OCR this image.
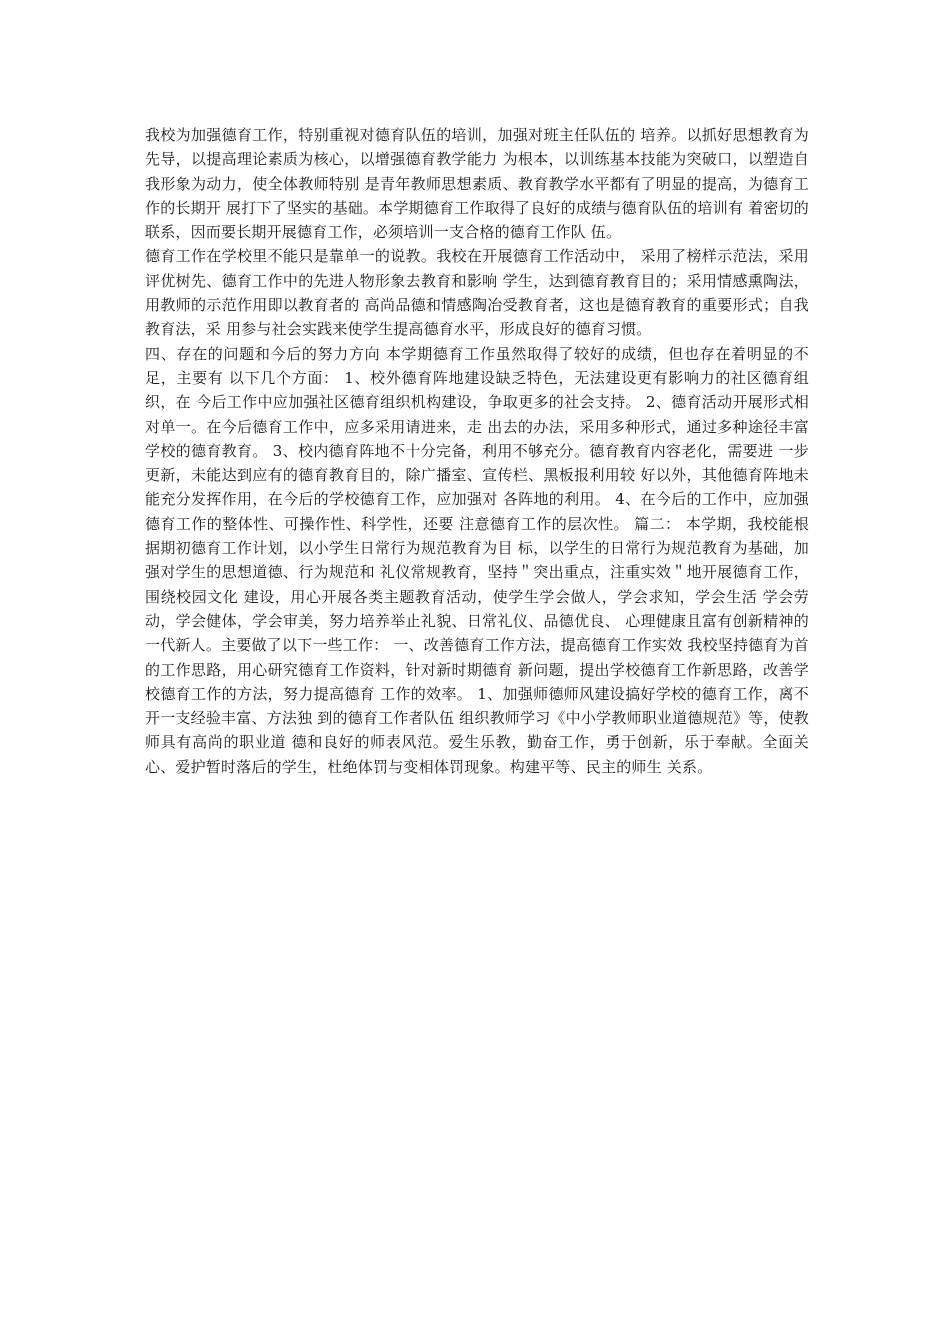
我校为加强德育工作，特别重视对德育队伍的培训，加强对班主任队伍的 培养。以抓好思想教育为先导，以提高理论素质为核心，以增强德育教学能力 为根本，以训练基本技能为突破口，以塑造自我形象为动力，使全体教师特别 是青年教师思想素质、教育教学水平都有了明显的提高，为德育工作的长期开 展打下了坚实的基础。本学期德育工作取得了良好的成绩与德育队伍的培训有 着密切的联系，因而要长期开展德育工作，必须培训一支合格的德育工作队 伍。

德育工作在学校里不能只是靠单一的说教。我校在开展德育工作活动中， 采用了榜样示范法，采用评优树先、德育工作中的先进人物形象去教育和影响 学生，达到德育教育目的；采用情感熏陶法，用教师的示范作用即以教育者的 高尚品德和情感陶冶受教育者，这也是德育教育的重要形式；自我教育法，采 用参与社会实践来使学生提高德育水平，形成良好的德育习惯。

四、存在的问题和今后的努力方向 本学期德育工作虽然取得了较好的成绩，但也存在着明显的不足，主要有 以下几个方面： 1、校外德育阵地建设缺乏特色，无法建设更有影响力的社区德育组织，在 今后工作中应加强社区德育组织机构建设，争取更多的社会支持。 2、德育活动开展形式相对单一。在今后德育工作中，应多采用请进来，走 出去的办法，采用多种形式，通过多种途径丰富学校的德育教育。 3、校内德育阵地不十分完备，利用不够充分。德育教育内容老化，需要进 一步更新，未能达到应有的德育教育目的，除广播室、宣传栏、黑板报利用较 好以外，其他德育阵地未能充分发挥作用，在今后的学校德育工作，应加强对 各阵地的利用。 4、在今后的工作中，应加强德育工作的整体性、可操作性、科学性，还要 注意德育工作的层次性。 篇二： 本学期，我校能根据期初德育工作计划，以小学生日常行为规范教育为目 标，以学生的日常行为规范教育为基础，加强对学生的思想道德、行为规范和 礼仪常规教育，坚持＂突出重点，注重实效＂地开展德育工作，围绕校园文化 建设，用心开展各类主题教育活动，使学生学会做人，学会求知，学会生活 学会劳动，学会健体，学会审美，努力培养举止礼貌、日常礼仪、品德优良、 心理健康且富有创新精神的一代新人。主要做了以下一些工作： 一、改善德育工作方法，提高德育工作实效 我校坚持德育为首的工作思路，用心研究德育工作资料，针对新时期德育 新问题，提出学校德育工作新思路，改善学校德育工作的方法，努力提高德育 工作的效率。 1、加强师德师风建设搞好学校的德育工作，离不开一支经验丰富、方法独 到的德育工作者队伍 组织教师学习《中小学教师职业道德规范》等，使教师具有高尚的职业道 德和良好的师表风范。爱生乐教，勤奋工作，勇于创新，乐于奉献。全面关 心、爱护暂时落后的学生，杜绝体罚与变相体罚现象。构建平等、民主的师生 关系。
